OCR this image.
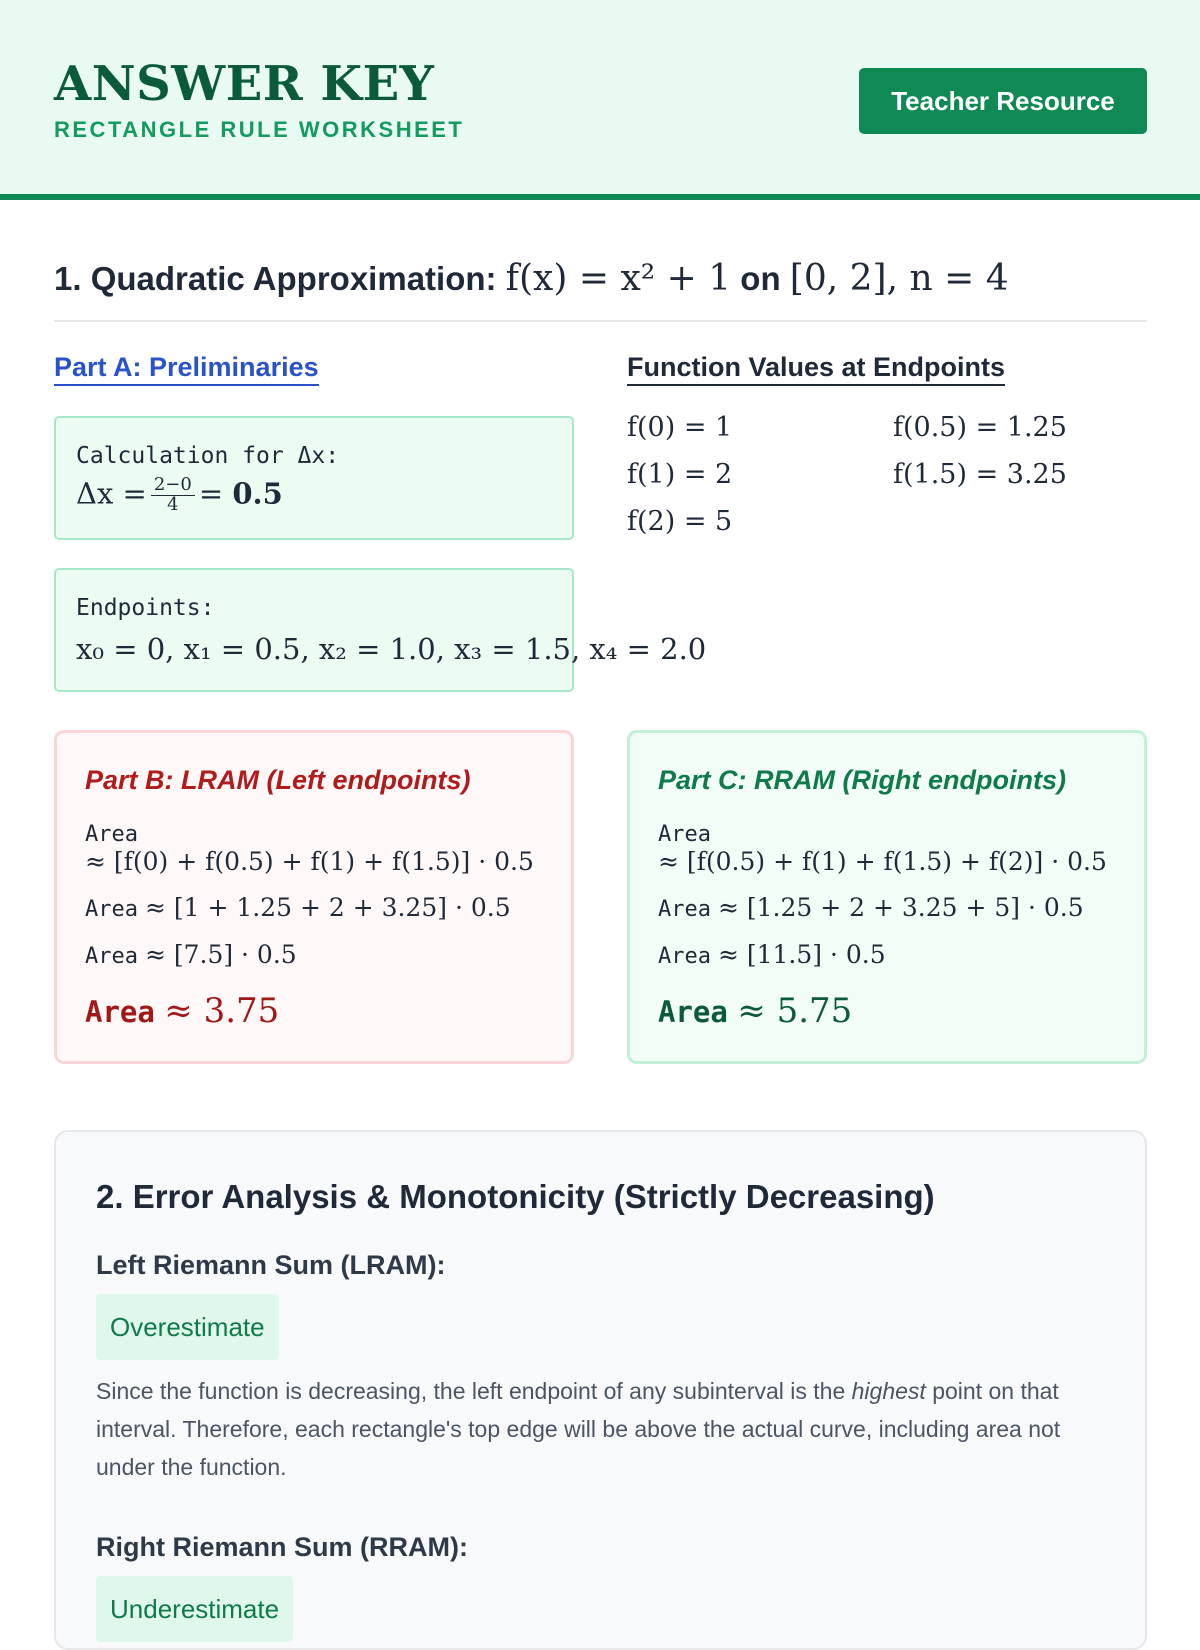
ANSWER KEY
RECTANGLE RULE WORKSHEET
Teacher Resource
1. Quadratic Approximation: f(x) = x² + 1 on [0, 2], n = 4
Part A: Preliminaries	Function Values at Endpoints
Calculation for Δx:
$\Delta x = \frac{2-0}{4} = 0.5$
Endpoints:
x₀ = 0, x₁ = 0.5, x₂ = 1.0, x₃ = 1.5, x₄ = 2.0
f(0) = 1	f(0.5) = 1.25
f(1) = 2	f(1.5) = 3.25
f(2) = 5
Part B: LRAM (Left endpoints)
Area
≈ [f(0) + f(0.5) + f(1) + f(1.5)] · 0.5
Area ≈ [1 + 1.25 + 2 + 3.25] · 0.5
Area ≈ [7.5] · 0.5
Area ≈ 3.75
Part C: RRAM (Right endpoints)
Area
≈ [f(0.5) + f(1) + f(1.5) + f(2)] · 0.5
Area ≈ [1.25 + 2 + 3.25 + 5] · 0.5
Area ≈ [11.5] · 0.5
Area ≈ 5.75
2. Error Analysis & Monotonicity (Strictly Decreasing)
Left Riemann Sum (LRAM):
Overestimate
Since the function is decreasing, the left endpoint of any subinterval is the highest point on that interval. Therefore, each rectangle's top edge will be above the actual curve, including area not under the function.
Right Riemann Sum (RRAM):
Underestimate
